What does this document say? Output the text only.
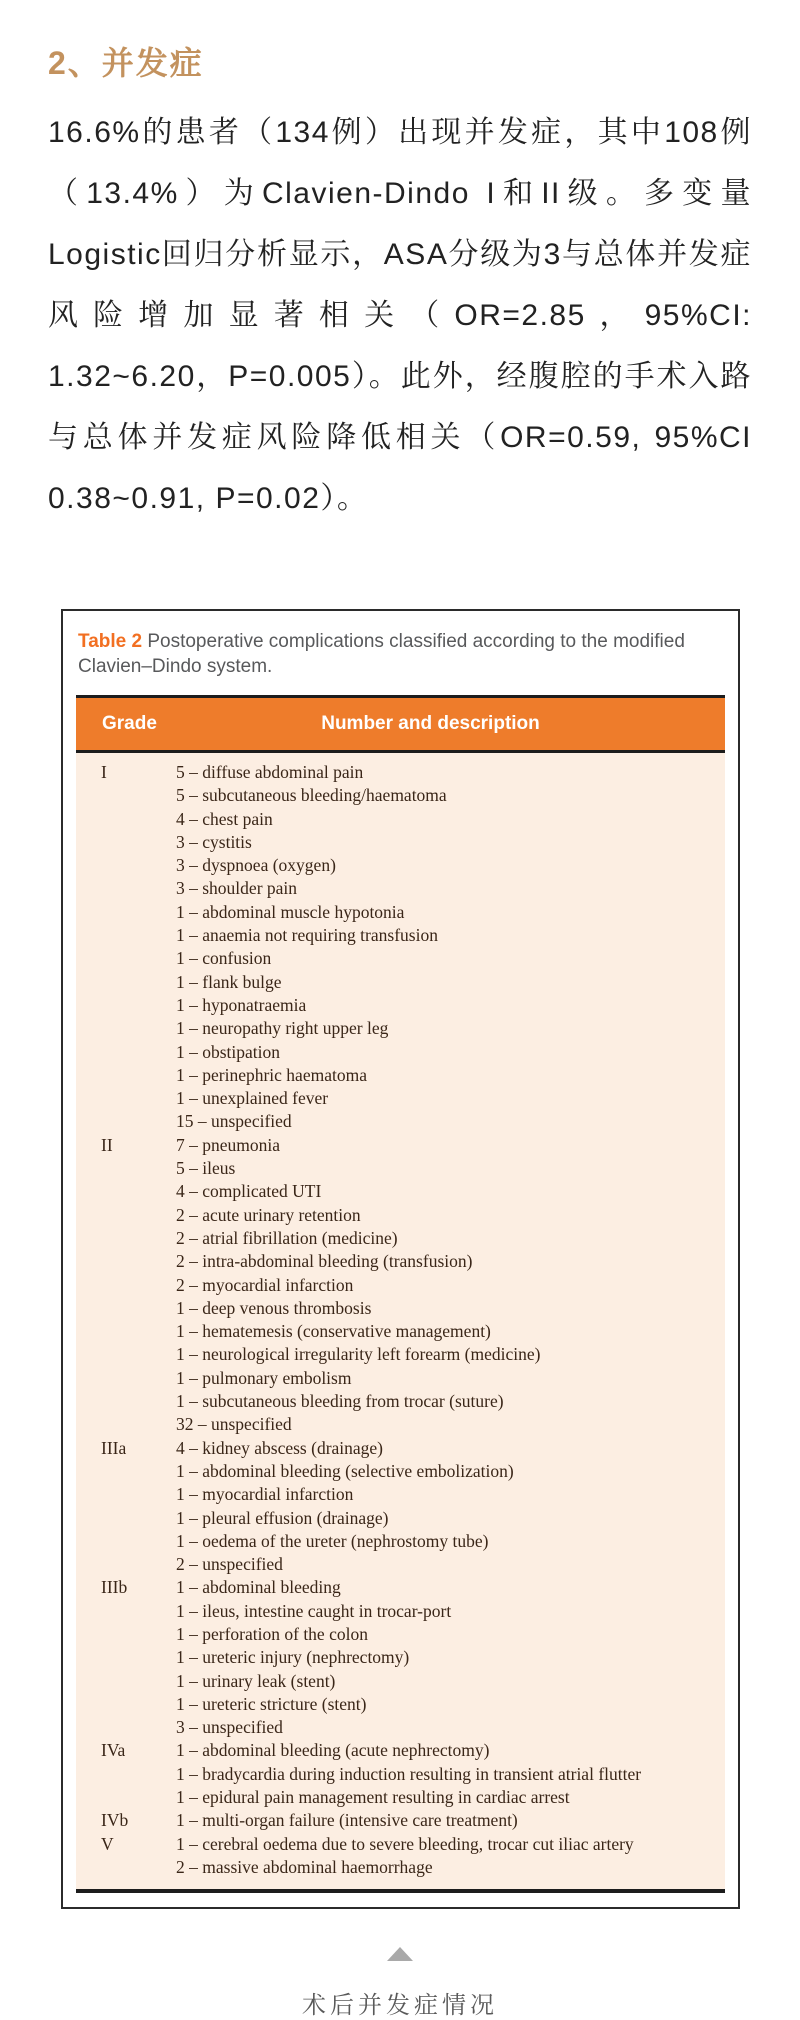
2、并发症

16.6%的患者（134例）出现并发症，其中108例（13.4%）为Clavien-Dindo I和II级。多变量Logistic回归分析显示，ASA分级为3与总体并发症风险增加显著相关（OR=2.85，95%CI: 1.32~6.20，P=0.005）。此外，经腹腔的手术入路与总体并发症风险降低相关（OR=0.59, 95%CI 0.38~0.91, P=0.02）。

Table 2 Postoperative complications classified according to the modified Clavien–Dindo system.
Grade	Number and description
I	5 – diffuse abdominal pain
5 – subcutaneous bleeding/haematoma
4 – chest pain
3 – cystitis
3 – dyspnoea (oxygen)
3 – shoulder pain
1 – abdominal muscle hypotonia
1 – anaemia not requiring transfusion
1 – confusion
1 – flank bulge
1 – hyponatraemia
1 – neuropathy right upper leg
1 – obstipation
1 – perinephric haematoma
1 – unexplained fever
15 – unspecified
II	7 – pneumonia
5 – ileus
4 – complicated UTI
2 – acute urinary retention
2 – atrial fibrillation (medicine)
2 – intra-abdominal bleeding (transfusion)
2 – myocardial infarction
1 – deep venous thrombosis
1 – hematemesis (conservative management)
1 – neurological irregularity left forearm (medicine)
1 – pulmonary embolism
1 – subcutaneous bleeding from trocar (suture)
32 – unspecified
IIIa	4 – kidney abscess (drainage)
1 – abdominal bleeding (selective embolization)
1 – myocardial infarction
1 – pleural effusion (drainage)
1 – oedema of the ureter (nephrostomy tube)
2 – unspecified
IIIb	1 – abdominal bleeding
1 – ileus, intestine caught in trocar-port
1 – perforation of the colon
1 – ureteric injury (nephrectomy)
1 – urinary leak (stent)
1 – ureteric stricture (stent)
3 – unspecified
IVa	1 – abdominal bleeding (acute nephrectomy)
1 – bradycardia during induction resulting in transient atrial flutter
1 – epidural pain management resulting in cardiac arrest
IVb	1 – multi-organ failure (intensive care treatment)
V	1 – cerebral oedema due to severe bleeding, trocar cut iliac artery
2 – massive abdominal haemorrhage
术后并发症情况
